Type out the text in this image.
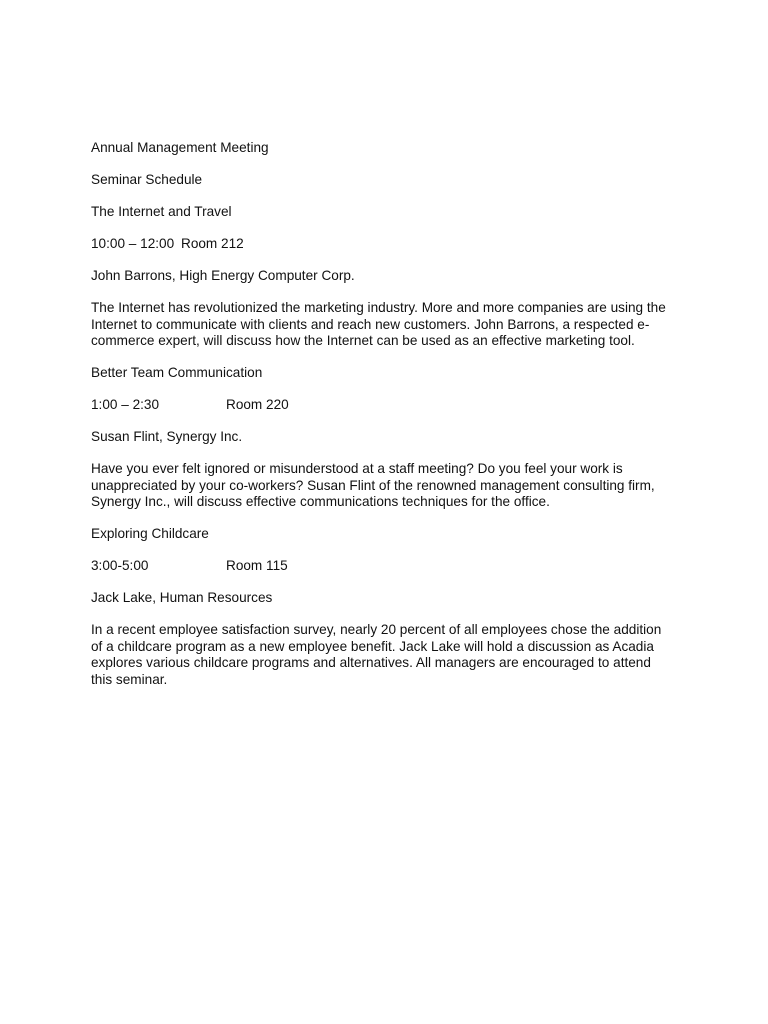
Annual Management Meeting
Seminar Schedule
The Internet and Travel
10:00 – 12:00 Room 212
John Barrons, High Energy Computer Corp.
The Internet has revolutionized the marketing industry. More and more companies are using the
Internet to communicate with clients and reach new customers. John Barrons, a respected e-
commerce expert, will discuss how the Internet can be used as an effective marketing tool.
Better Team Communication
1:00 – 2:30	Room 220
Susan Flint, Synergy Inc.
Have you ever felt ignored or misunderstood at a staff meeting? Do you feel your work is
unappreciated by your co-workers? Susan Flint of the renowned management consulting firm,
Synergy Inc., will discuss effective communications techniques for the office.
Exploring Childcare
3:00-5:00	Room 115
Jack Lake, Human Resources
In a recent employee satisfaction survey, nearly 20 percent of all employees chose the addition
of a childcare program as a new employee benefit. Jack Lake will hold a discussion as Acadia
explores various childcare programs and alternatives. All managers are encouraged to attend
this seminar.
